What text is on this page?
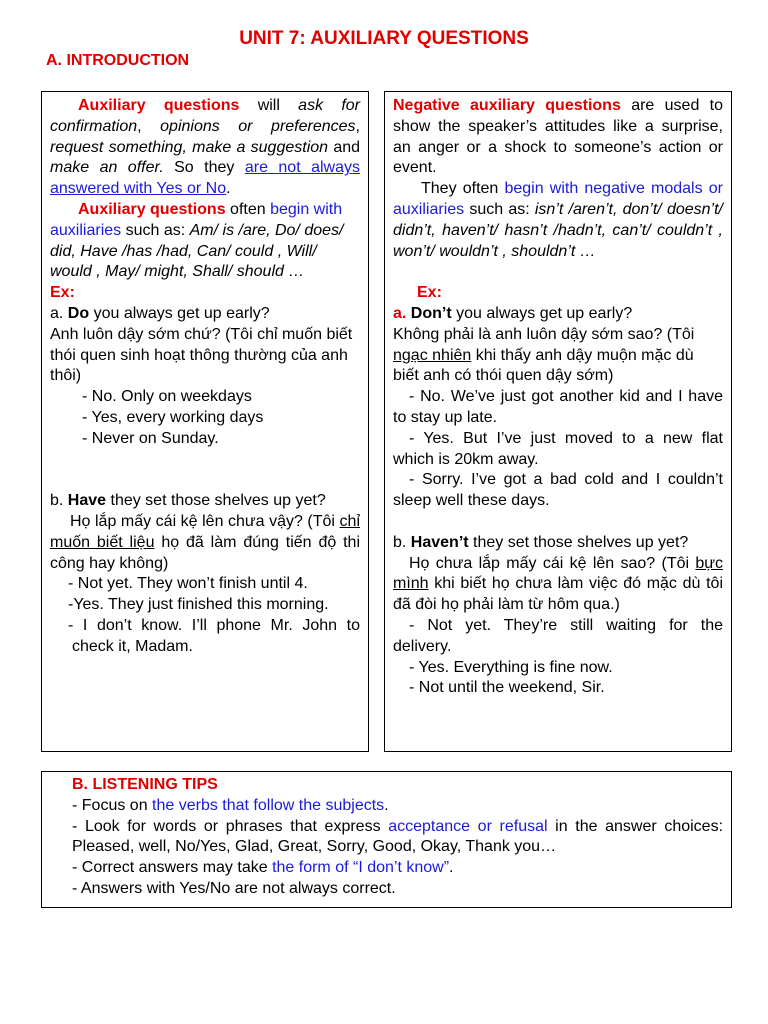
UNIT 7: AUXILIARY QUESTIONS
A. INTRODUCTION

Auxiliary questions will ask for confirmation, opinions or preferences, request something, make a suggestion and make an offer. So they are not always answered with Yes or No.

Auxiliary questions often begin with auxiliaries such as: Am/ is /are, Do/ does/ did, Have /has /had, Can/ could , Will/ would , May/ might, Shall/ should …

Ex:

a. Do you always get up early?

Anh luôn dậy sớm chứ? (Tôi chỉ muốn biết thói quen sinh hoạt thông thường của anh thôi)

- No. Only on weekdays

- Yes, every working days

- Never on Sunday.

b. Have they set those shelves up yet?

Họ lắp mấy cái kệ lên chưa vậy? (Tôi chỉ muốn biết liệu họ đã làm đúng tiến độ thi công hay không)

- Not yet. They won’t finish until 4.

-Yes. They just finished this morning.

- I don’t know. I’ll phone Mr. John to check it, Madam.

Negative auxiliary questions are used to show the speaker’s attitudes like a surprise, an anger or a shock to someone’s action or event.

They often begin with negative modals or auxiliaries such as: isn’t /aren’t, don’t/ doesn’t/ didn’t, haven’t/ hasn’t /hadn’t, can’t/ couldn’t , won’t/ wouldn’t , shouldn’t …

Ex:

a. Don’t you always get up early?

Không phải là anh luôn dậy sớm sao? (Tôi ngạc nhiên khi thấy anh dậy muộn mặc dù biết anh có thói quen dậy sớm)

- No. We’ve just got another kid and I have to stay up late.

- Yes. But I’ve just moved to a new flat which is 20km away.

- Sorry. I’ve got a bad cold and I couldn’t sleep well these days.

b. Haven’t they set those shelves up yet?

Họ chưa lắp mấy cái kệ lên sao? (Tôi bực mình khi biết họ chưa làm việc đó mặc dù tôi đã đòi họ phải làm từ hôm qua.)

- Not yet. They’re still waiting for the delivery.

- Yes. Everything is fine now.

- Not until the weekend, Sir.

B. LISTENING TIPS

- Focus on the verbs that follow the subjects.

- Look for words or phrases that express acceptance or refusal in the answer choices: Pleased, well, No/Yes, Glad, Great, Sorry, Good, Okay, Thank you…

- Correct answers may take the form of “I don’t know”.

- Answers with Yes/No are not always correct.
